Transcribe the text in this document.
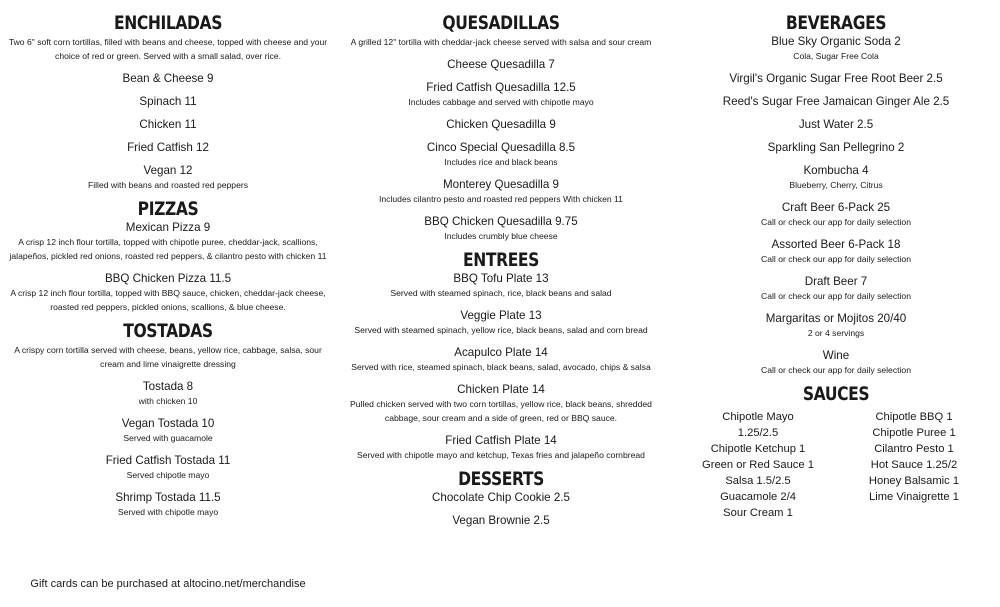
ENCHILADAS
Two 6" soft corn tortillas, filled with beans and cheese, topped with cheese and your choice of red or green. Served with a small salad, over rice.
Bean & Cheese 9
Spinach 11
Chicken 11
Fried Catfish 12
Vegan 12
Filled with beans and roasted red peppers
PIZZAS
Mexican Pizza 9
A crisp 12 inch flour tortilla, topped with chipotle puree, cheddar-jack, scallions, jalapeños, pickled red onions, roasted red peppers, & cilantro pesto with chicken 11
BBQ Chicken Pizza 11.5
A crisp 12 inch flour tortilla, topped with BBQ sauce, chicken, cheddar-jack cheese, roasted red peppers, pickled onions, scallions, & blue cheese.
TOSTADAS
A crispy corn tortilla served with cheese, beans, yellow rice, cabbage, salsa, sour cream and lime vinaigrette dressing
Tostada 8
with chicken 10
Vegan Tostada 10
Served with guacamole
Fried Catfish Tostada 11
Served chipotle mayo
Shrimp Tostada 11.5
Served with chipotle mayo
QUESADILLAS
A grilled 12" tortilla with cheddar-jack cheese served with salsa and sour cream
Cheese Quesadilla 7
Fried Catfish Quesadilla 12.5
Includes cabbage and served with chipotle mayo
Chicken Quesadilla 9
Cinco Special Quesadilla 8.5
Includes rice and black beans
Monterey Quesadilla 9
Includes cilantro pesto and roasted red peppers With chicken 11
BBQ Chicken Quesadilla 9.75
Includes crumbly blue cheese
ENTREES
BBQ Tofu Plate 13
Served with steamed spinach, rice, black beans and salad
Veggie Plate 13
Served with steamed spinach, yellow rice, black beans, salad and corn bread
Acapulco Plate 14
Served with rice, steamed spinach, black beans, salad, avocado, chips & salsa
Chicken Plate 14
Pulled chicken served with two corn tortillas, yellow rice, black beans, shredded cabbage, sour cream and a side of green, red or BBQ sauce.
Fried Catfish Plate 14
Served with chipotle mayo and ketchup, Texas fries and jalapeño cornbread
DESSERTS
Chocolate Chip Cookie 2.5
Vegan Brownie 2.5
BEVERAGES
Blue Sky Organic Soda 2
Cola, Sugar Free Cola
Virgil's Organic Sugar Free Root Beer 2.5
Reed's Sugar Free Jamaican Ginger Ale 2.5
Just Water 2.5
Sparkling San Pellegrino 2
Kombucha 4
Blueberry, Cherry, Citrus
Craft Beer 6-Pack 25
Call or check our app for daily selection
Assorted Beer 6-Pack 18
Call or check our app for daily selection
Draft Beer 7
Call or check our app for daily selection
Margaritas or Mojitos 20/40
2 or 4 servings
Wine
Call or check our app for daily selection
SAUCES
Chipotle Mayo
1.25/2.5
Chipotle Ketchup 1
Green or Red Sauce 1
Salsa 1.5/2.5
Guacamole 2/4
Sour Cream 1
Chipotle BBQ 1
Chipotle Puree 1
Cilantro Pesto 1
Hot Sauce 1.25/2
Honey Balsamic 1
Lime Vinaigrette 1
Gift cards can be purchased at altocino.net/merchandise
